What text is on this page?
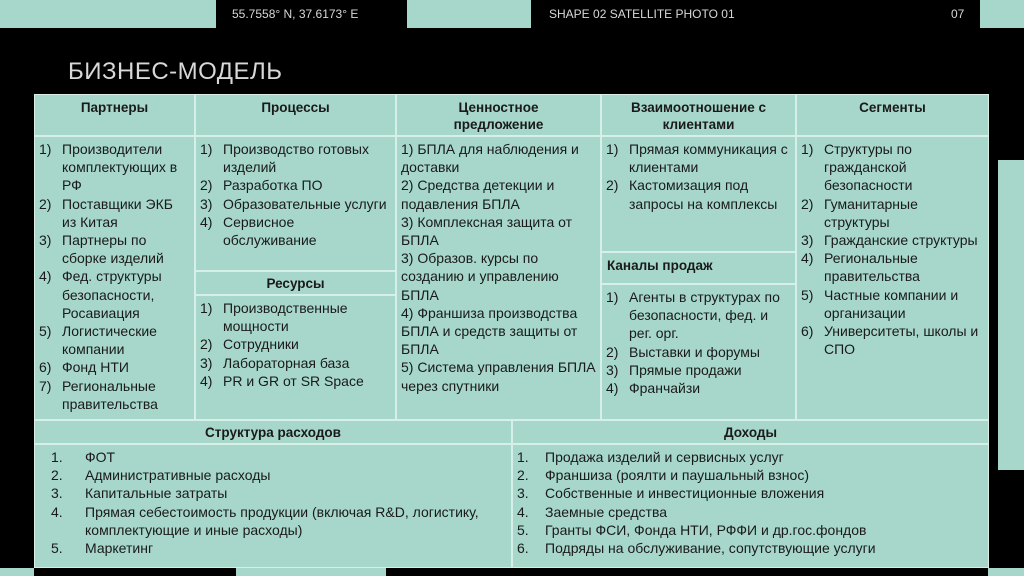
55.7558° N, 37.6173° E	SHAPE 02 SATELLITE PHOTO 01	07
БИЗНЕС-МОДЕЛЬ
Партнеры
1) Производители комплектующих в РФ
2) Поставщики ЭКБ из Китая
3) Партнеры по сборке изделий
4) Фед. структуры безопасности, Росавиация
5) Логистические компании
6) Фонд НТИ
7) Региональные правительства
Процессы
1) Производство готовых изделий
2) Разработка ПО
3) Образовательные услуги
4) Сервисное обслуживание
Ресурсы
1) Производственные мощности
2) Сотрудники
3) Лабораторная база
4) PR и GR от SR Space
Ценностное предложение
1) БПЛА для наблюдения и доставки
2) Средства детекции и подавления БПЛА
3) Комплексная защита от БПЛА
3) Образов. курсы по созданию и управлению БПЛА
4) Франшиза производства БПЛА и средств защиты от БПЛА
5) Система управления БПЛА через спутники
Взаимоотношение с клиентами
1) Прямая коммуникация с клиентами
2) Кастомизация под запросы на комплексы
Каналы продаж
1) Агенты в структурах по безопасности, фед. и рег. орг.
2) Выставки и форумы
3) Прямые продажи
4) Франчайзи
Сегменты
1) Структуры по гражданской безопасности
2) Гуманитарные структуры
3) Гражданские структуры
4) Региональные правительства
5) Частные компании и организации
6) Университеты, школы и СПО
Структура расходов
1. ФОТ
2. Административные расходы
3. Капитальные затраты
4. Прямая себестоимость продукции (включая R&D, логистику, комплектующие и иные расходы)
5. Маркетинг
Доходы
1. Продажа изделий и сервисных услуг
2. Франшиза (роялти и паушальный взнос)
3. Собственные и инвестиционные вложения
4. Заемные средства
5. Гранты ФСИ, Фонда НТИ, РФФИ и др.гос.фондов
6. Подряды на обслуживание, сопутствующие услуги
